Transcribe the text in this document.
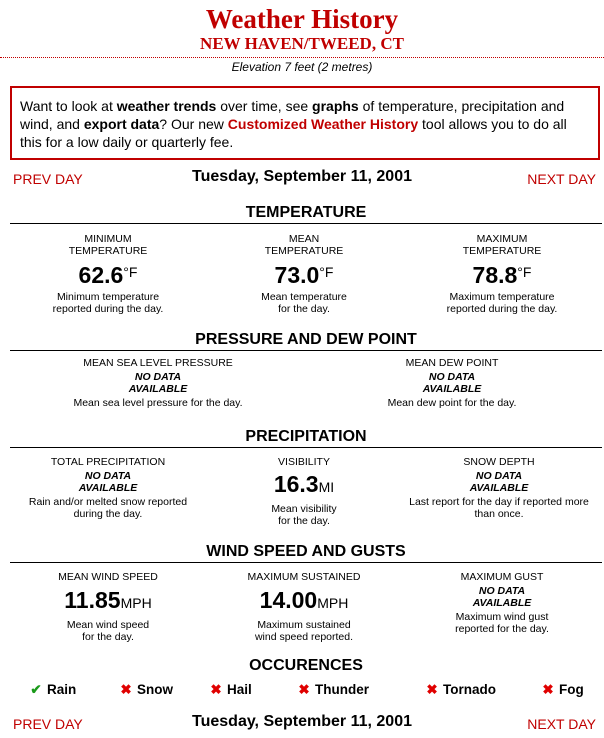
Weather History
NEW HAVEN/TWEED, CT
Elevation 7 feet (2 metres)
Want to look at weather trends over time, see graphs of temperature, precipitation and wind, and export data? Our new Customized Weather History tool allows you to do all this for a low daily or quarterly fee.
PREV DAY	Tuesday, September 11, 2001	NEXT DAY
TEMPERATURE
MINIMUM
TEMPERATURE
$62.6^{^\circ F}$
Minimum temperature
reported during the day.
MEAN
TEMPERATURE
$73.0^{^\circ F}$
Mean temperature
for the day.
MAXIMUM
TEMPERATURE
$78.8^{^\circ F}$
Maximum temperature
reported during the day.
PRESSURE AND DEW POINT
MEAN SEA LEVEL PRESSURE
NO DATA
AVAILABLE
Mean sea level pressure for the day.
MEAN DEW POINT
NO DATA
AVAILABLE
Mean dew point for the day.
PRECIPITATION
TOTAL PRECIPITATION
NO DATA
AVAILABLE
Rain and/or melted snow reported
during the day.
VISIBILITY
16.3MI
Mean visibility
for the day.
SNOW DEPTH
NO DATA
AVAILABLE
Last report for the day if reported more
than once.
WIND SPEED AND GUSTS
MEAN WIND SPEED
11.85MPH
Mean wind speed
for the day.
MAXIMUM SUSTAINED
14.00MPH
Maximum sustained
wind speed reported.
MAXIMUM GUST
NO DATA
AVAILABLE
Maximum wind gust
reported for the day.
OCCURENCES
✔ Rain	✖ Snow	✖ Hail	✖ Thunder	✖ Tornado	✖ Fog
PREV DAY	Tuesday, September 11, 2001	NEXT DAY
